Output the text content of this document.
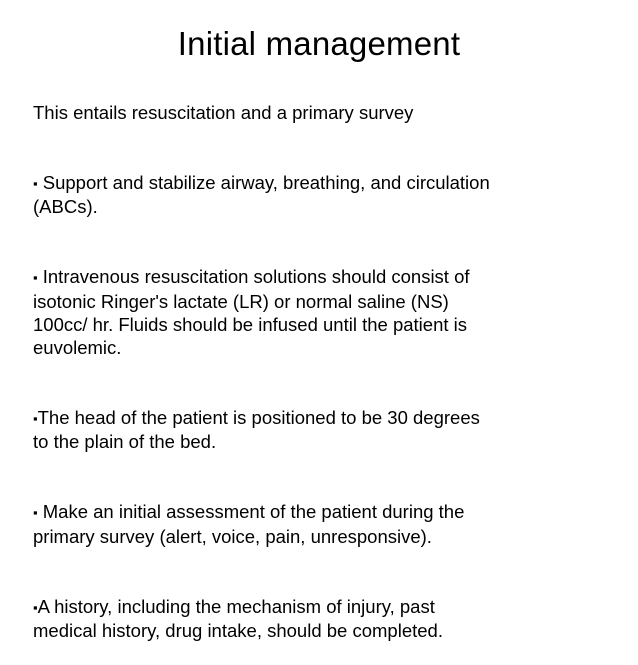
Initial management

This entails resuscitation and a primary survey

▪ Support and stabilize airway, breathing, and circulation
(ABCs).

▪ Intravenous resuscitation solutions should consist of
isotonic Ringer's lactate (LR) or normal saline (NS)
100cc/ hr. Fluids should be infused until the patient is
euvolemic.

▪The head of the patient is positioned to be 30 degrees
to the plain of the bed.

▪ Make an initial assessment of the patient during the
primary survey (alert, voice, pain, unresponsive).

▪A history, including the mechanism of injury, past
medical history, drug intake, should be completed.
